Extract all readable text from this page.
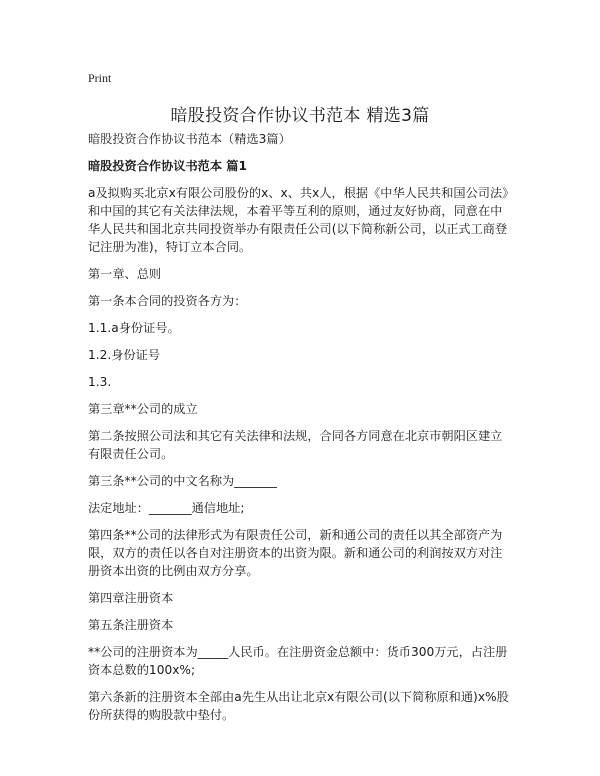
Print
暗股投资合作协议书范本 精选3篇

暗股投资合作协议书范本（精选3篇）

暗股投资合作协议书范本 篇1

a及拟购买北京x有限公司股份的x、x、共x人，根据《中华人民共和国公司法》和中国的其它有关法律法规，本着平等互利的原则，通过友好协商，同意在中华人民共和国北京共同投资举办有限责任公司(以下简称新公司，以正式工商登记注册为准)，特订立本合同。

第一章、总则

第一条本合同的投资各方为：

1.1.a身份证号。

1.2.身份证号

1.3.

第三章**公司的成立

第二条按照公司法和其它有关法律和法规，合同各方同意在北京市朝阳区建立有限责任公司。

第三条**公司的中文名称为_______

法定地址：_______通信地址;

第四条**公司的法律形式为有限责任公司，新和通公司的责任以其全部资产为限，双方的责任以各自对注册资本的出资为限。新和通公司的利润按双方对注册资本出资的比例由双方分享。

第四章注册资本

第五条注册资本

**公司的注册资本为_____人民币。在注册资金总额中：货币300万元，占注册资本总数的100x%;

第六条新的注册资本全部由a先生从出让北京x有限公司(以下简称原和通)x%股份所获得的购股款中垫付。
